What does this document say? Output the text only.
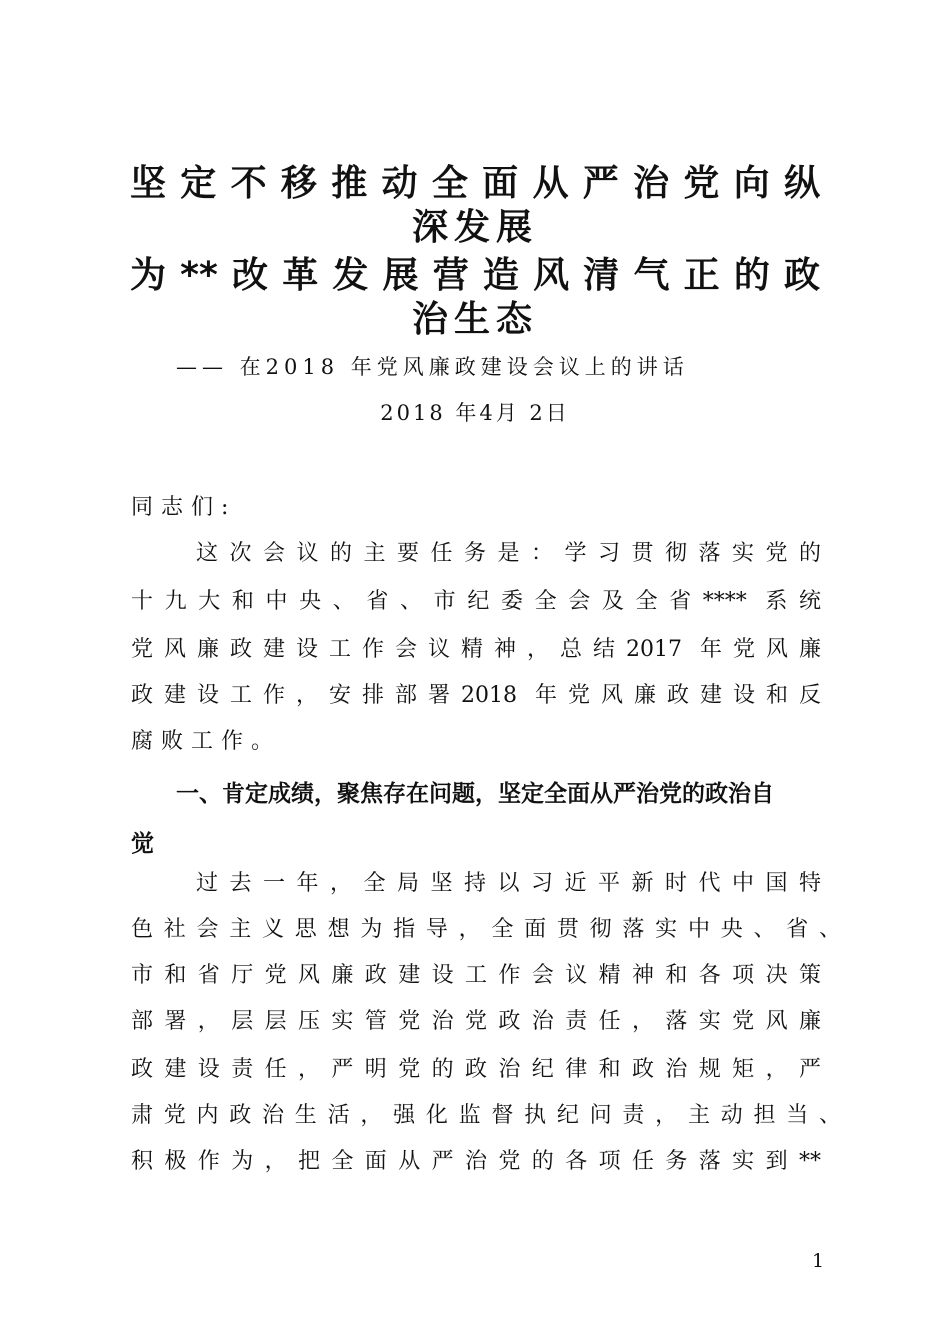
坚定不移推动全面从严治党向纵
深发展
为**改革发展营造风清气正的政
治生态
—— 在2018 年党风廉政建设会议上的讲话
2018 年4月 2日
同志们:
这次会议的主要任务是：学习贯彻落实党的
十九大和中央、省、市纪委全会及全省**** 系统
党风廉政建设工作会议精神，总结2017 年党风廉
政建设工作，安排部署2018 年党风廉政建设和反
腐败工作。
一、肯定成绩，聚焦存在问题，坚定全面从严治党的政治自
觉
过去一年，全局坚持以习近平新时代中国特
色社会主义思想为指导，全面贯彻落实中央、省、
市和省厅党风廉政建设工作会议精神和各项决策
部署，层层压实管党治党政治责任，落实党风廉
政建设责任，严明党的政治纪律和政治规矩，严
肃党内政治生活，强化监督执纪问责，主动担当、
积极作为，把全面从严治党的各项任务落实到**
1
